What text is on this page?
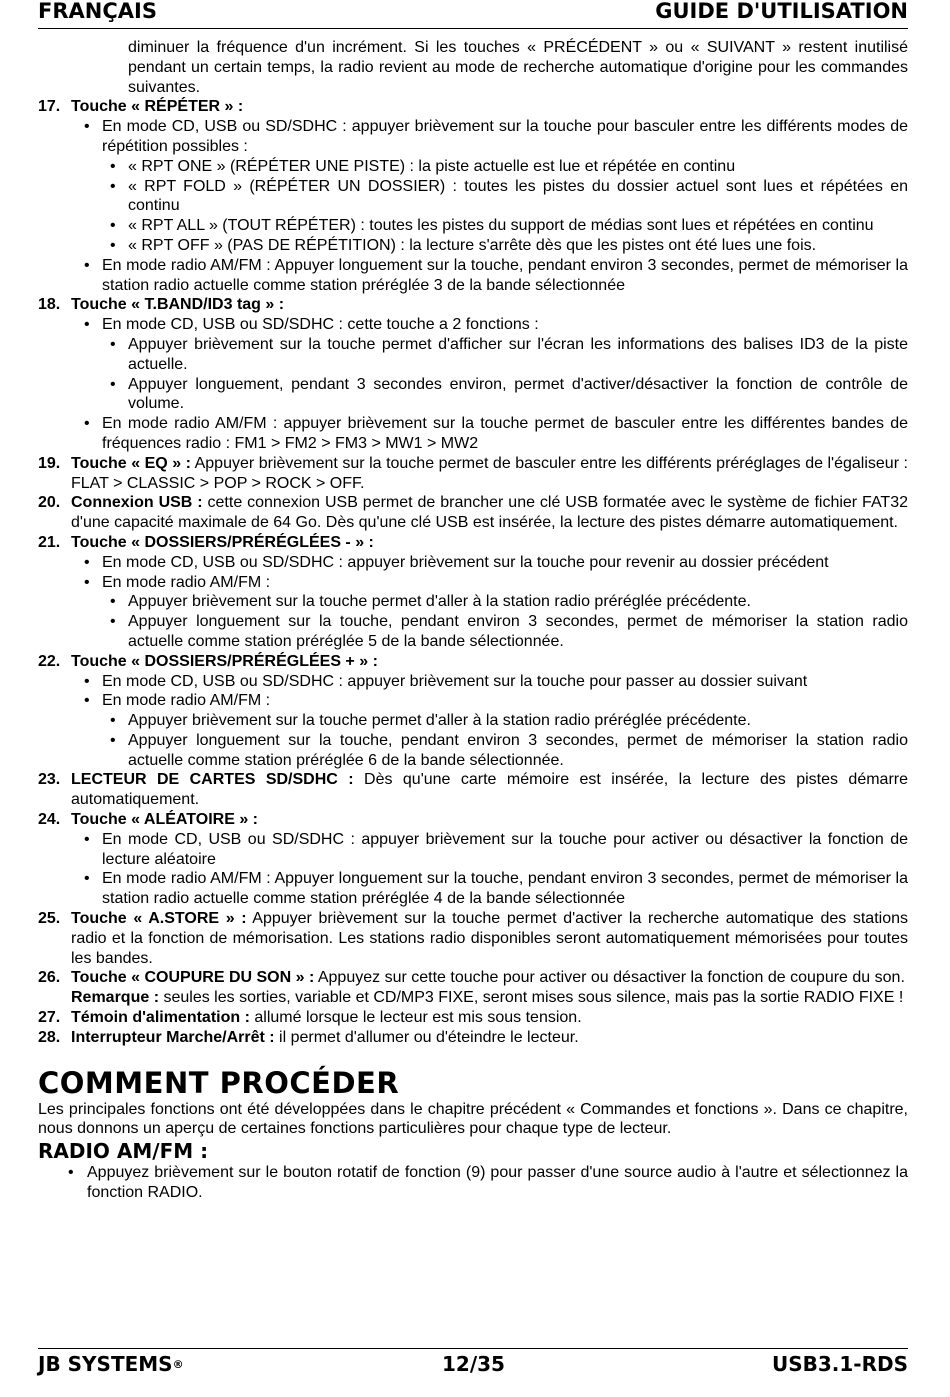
FRANÇAIS	GUIDE D'UTILISATION

diminuer la fréquence d'un incrément. Si les touches « PRÉCÉDENT » ou « SUIVANT » restent inutilisé pendant un certain temps, la radio revient au mode de recherche automatique d'origine pour les commandes suivantes.

17. Touche « RÉPÉTER » :

• En mode CD, USB ou SD/SDHC : appuyer brièvement sur la touche pour basculer entre les différents modes de répétition possibles :

• « RPT ONE » (RÉPÉTER UNE PISTE) : la piste actuelle est lue et répétée en continu

• « RPT FOLD » (RÉPÉTER UN DOSSIER) : toutes les pistes du dossier actuel sont lues et répétées en continu

• « RPT ALL » (TOUT RÉPÉTER) : toutes les pistes du support de médias sont lues et répétées en continu

• « RPT OFF » (PAS DE RÉPÉTITION) : la lecture s'arrête dès que les pistes ont été lues une fois.

• En mode radio AM/FM : Appuyer longuement sur la touche, pendant environ 3 secondes, permet de mémoriser la station radio actuelle comme station préréglée 3 de la bande sélectionnée

18. Touche « T.BAND/ID3 tag » :

• En mode CD, USB ou SD/SDHC : cette touche a 2 fonctions :

• Appuyer brièvement sur la touche permet d'afficher sur l'écran les informations des balises ID3 de la piste actuelle.

• Appuyer longuement, pendant 3 secondes environ, permet d'activer/désactiver la fonction de contrôle de volume.

• En mode radio AM/FM : appuyer brièvement sur la touche permet de basculer entre les différentes bandes de fréquences radio : FM1 > FM2 > FM3 > MW1 > MW2

19. Touche « EQ » : Appuyer brièvement sur la touche permet de basculer entre les différents préréglages de l'égaliseur : FLAT > CLASSIC > POP > ROCK > OFF.

20. Connexion USB : cette connexion USB permet de brancher une clé USB formatée avec le système de fichier FAT32 d'une capacité maximale de 64 Go. Dès qu'une clé USB est insérée, la lecture des pistes démarre automatiquement.

21. Touche « DOSSIERS/PRÉRÉGLÉES - » :

• En mode CD, USB ou SD/SDHC : appuyer brièvement sur la touche pour revenir au dossier précédent

• En mode radio AM/FM :

• Appuyer brièvement sur la touche permet d'aller à la station radio préréglée précédente.

• Appuyer longuement sur la touche, pendant environ 3 secondes, permet de mémoriser la station radio actuelle comme station préréglée 5 de la bande sélectionnée.

22. Touche « DOSSIERS/PRÉRÉGLÉES + » :

• En mode CD, USB ou SD/SDHC : appuyer brièvement sur la touche pour passer au dossier suivant

• En mode radio AM/FM :

• Appuyer brièvement sur la touche permet d'aller à la station radio préréglée précédente.

• Appuyer longuement sur la touche, pendant environ 3 secondes, permet de mémoriser la station radio actuelle comme station préréglée 6 de la bande sélectionnée.

23. LECTEUR DE CARTES SD/SDHC : Dès qu'une carte mémoire est insérée, la lecture des pistes démarre automatiquement.

24. Touche « ALÉATOIRE » :

• En mode CD, USB ou SD/SDHC : appuyer brièvement sur la touche pour activer ou désactiver la fonction de lecture aléatoire

• En mode radio AM/FM : Appuyer longuement sur la touche, pendant environ 3 secondes, permet de mémoriser la station radio actuelle comme station préréglée 4 de la bande sélectionnée

25. Touche « A.STORE » : Appuyer brièvement sur la touche permet d'activer la recherche automatique des stations radio et la fonction de mémorisation. Les stations radio disponibles seront automatiquement mémorisées pour toutes les bandes.

26. Touche « COUPURE DU SON » : Appuyez sur cette touche pour activer ou désactiver la fonction de coupure du son.

Remarque : seules les sorties, variable et CD/MP3 FIXE, seront mises sous silence, mais pas la sortie RADIO FIXE !

27. Témoin d'alimentation : allumé lorsque le lecteur est mis sous tension.

28. Interrupteur Marche/Arrêt : il permet d'allumer ou d'éteindre le lecteur.

COMMENT PROCÉDER

Les principales fonctions ont été développées dans le chapitre précédent « Commandes et fonctions ». Dans ce chapitre, nous donnons un aperçu de certaines fonctions particulières pour chaque type de lecteur.

RADIO AM/FM :

• Appuyez brièvement sur le bouton rotatif de fonction (9) pour passer d'une source audio à l'autre et sélectionnez la fonction RADIO.

JB SYSTEMS®	12/35	USB3.1-RDS
